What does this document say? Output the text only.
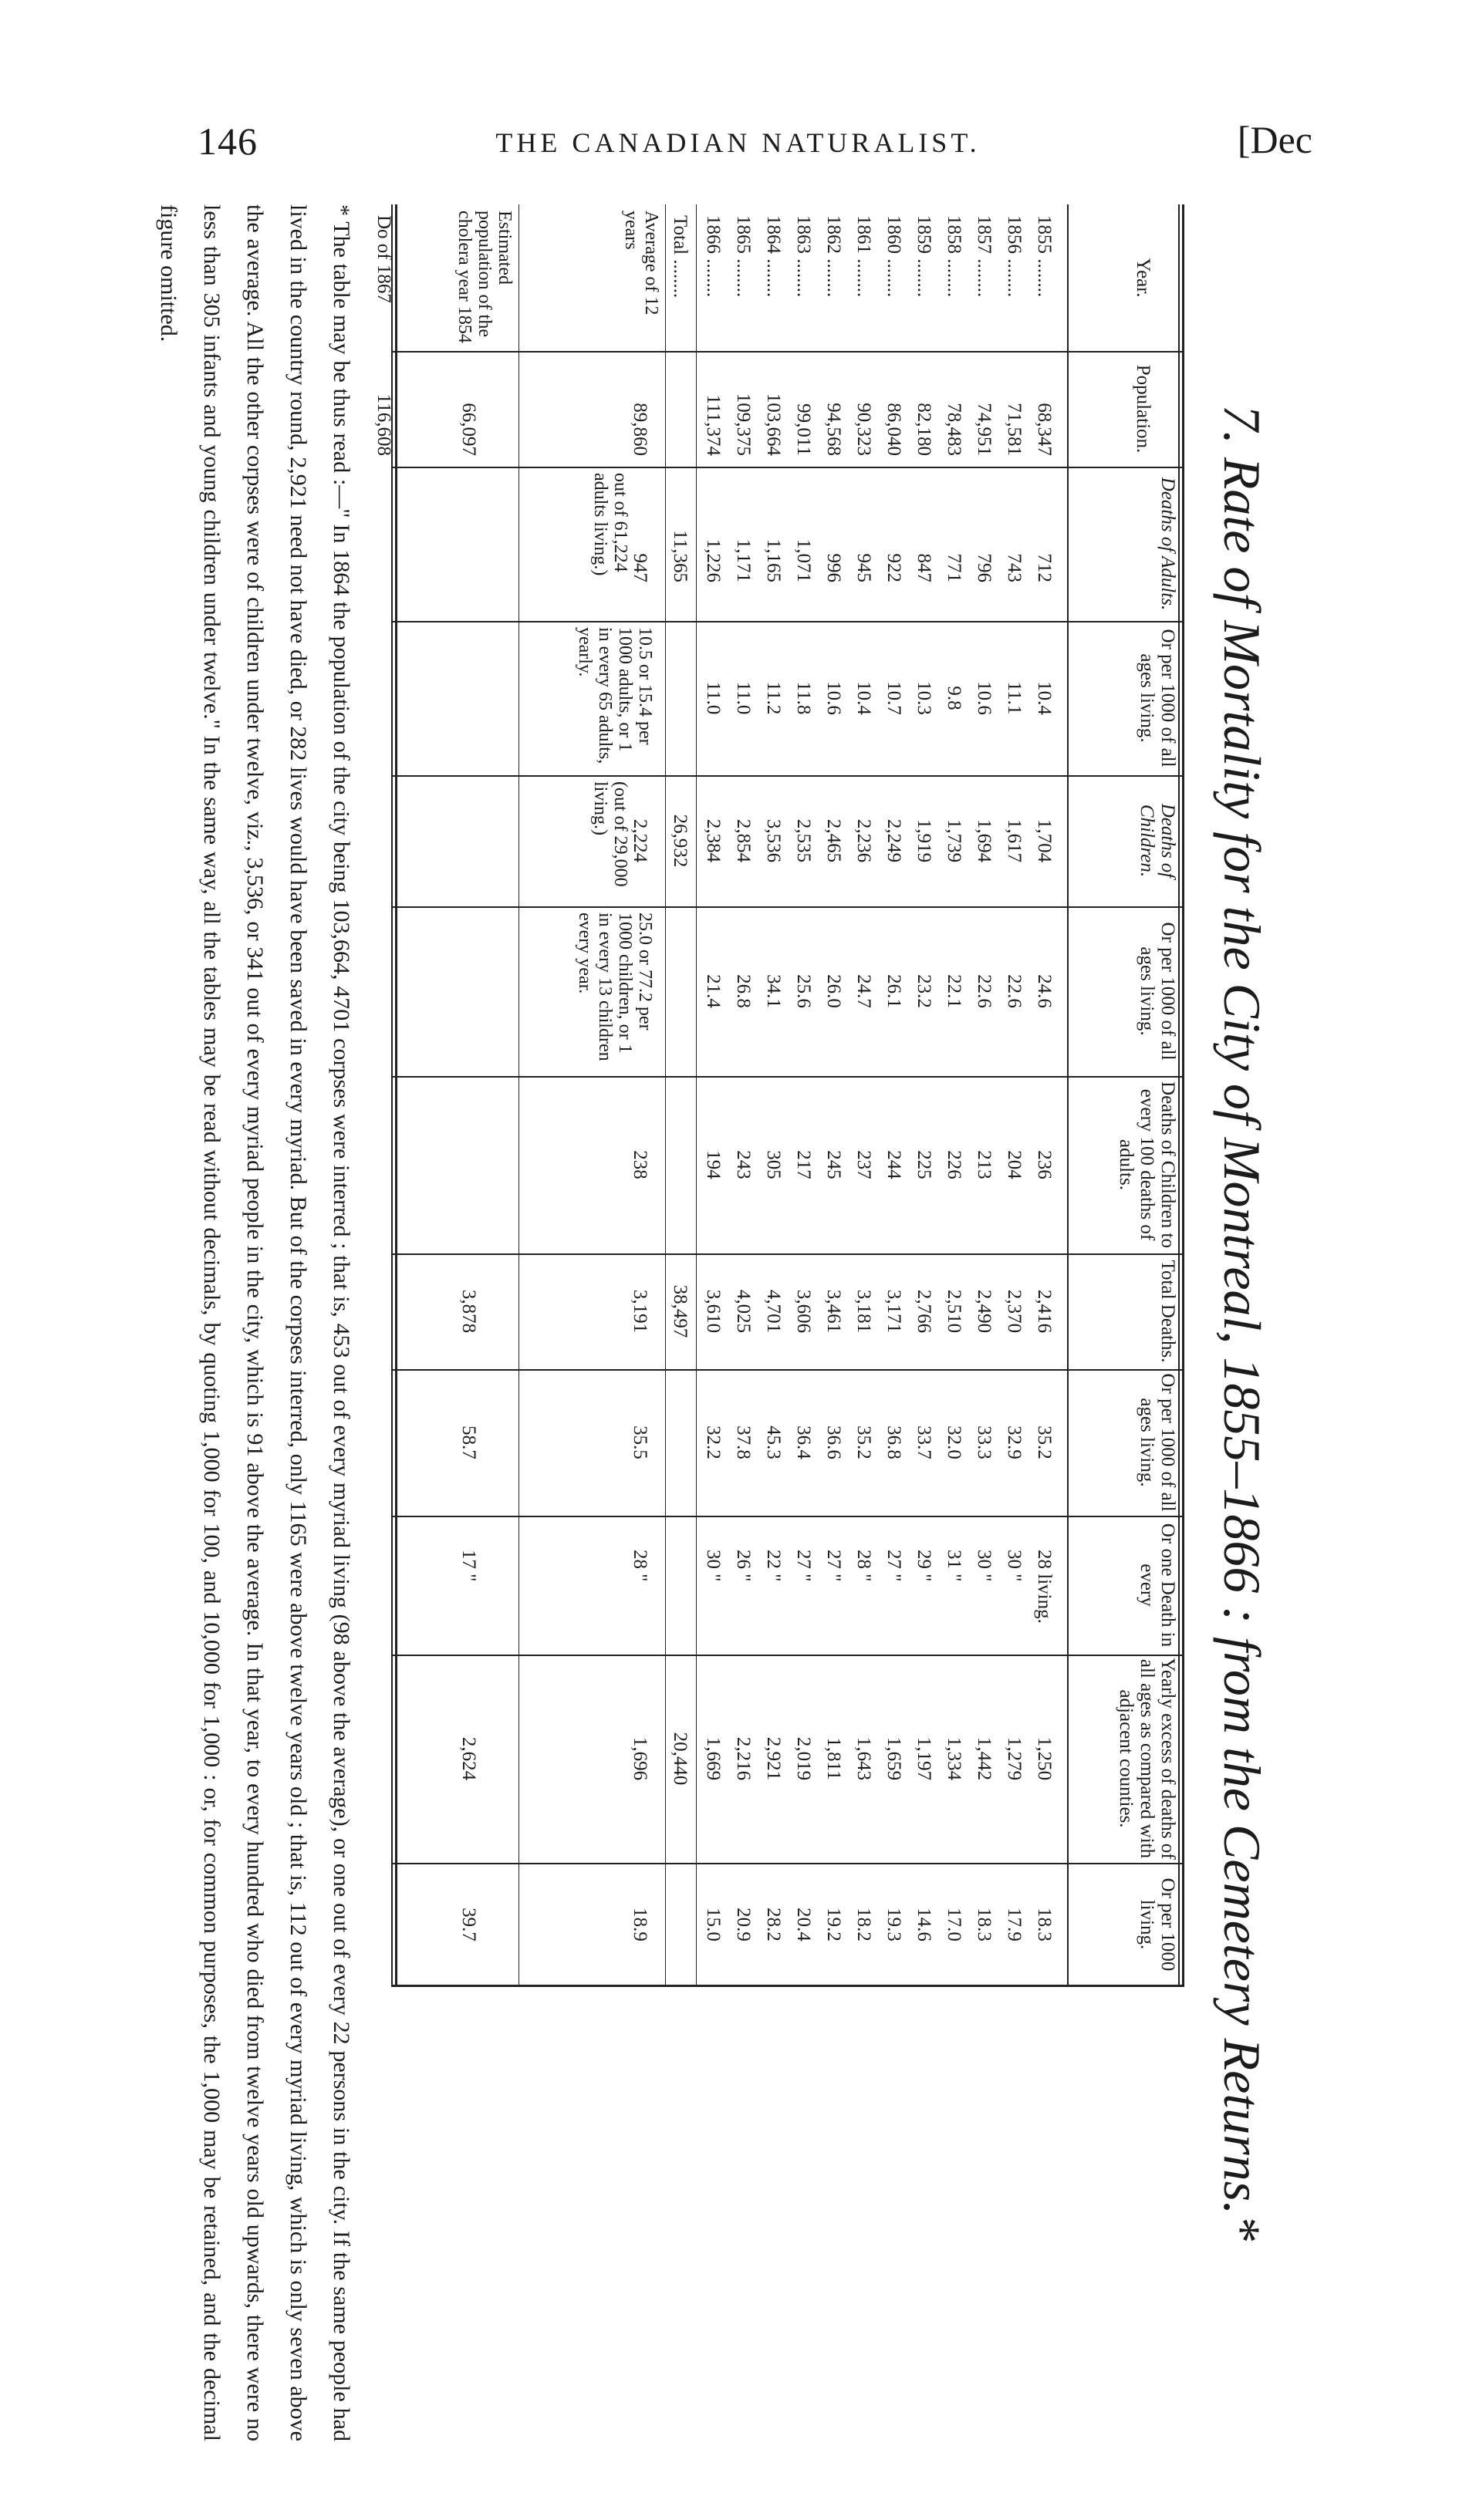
146	THE CANADIAN NATURALIST.	[Dec
7. Rate of Mortality for the City of Montreal, 1855–1866 : from the Cemetery Returns.*
Year.
Population.
Deaths of Adults.
Or per 1000 of all ages living.
Deaths of Children.
Or per 1000 of all ages living.
Deaths of Children to every 100 deaths of adults.
Total Deaths.
Or per 1000 of all ages living.
Or one Death in every
Yearly excess of deaths of all ages as compared with adjacent counties.
Or per 1000 living.
1855 ........
68,347
712
10.4
1,704
24.6
236
2,416
35.2
28 living.
1,250
18.3
1856 ........
71,581
743
11.1
1,617
22.6
204
2,370
32.9
30 "
1,279
17.9
1857 ........
74,951
796
10.6
1,694
22.6
213
2,490
33.3
30 "
1,442
18.3
1858 ........
78,483
771
9.8
1,739
22.1
226
2,510
32.0
31 "
1,334
17.0
1859 ........
82,180
847
10.3
1,919
23.2
225
2,766
33.7
29 "
1,197
14.6
1860 ........
86,040
922
10.7
2,249
26.1
244
3,171
36.8
27 "
1,659
19.3
1861 ........
90,323
945
10.4
2,236
24.7
237
3,181
35.2
28 "
1,643
18.2
1862 ........
94,568
996
10.6
2,465
26.0
245
3,461
36.6
27 "
1,811
19.2
1863 ........
99,011
1,071
11.8
2,535
25.6
217
3,606
36.4
27 "
2,019
20.4
1864 ........
103,664
1,165
11.2
3,536
34.1
305
4,701
45.3
22 "
2,921
28.2
1865 ........
109,375
1,171
11.0
2,854
26.8
243
4,025
37.8
26 "
2,216
20.9
1866 ........
111,374
1,226
11.0
2,384
21.4
194
3,610
32.2
30 "
1,669
15.0
Total ........
11,365
26,932
38,497
20,440
Average of 12 years
89,860
947
out of 61,224 adults living.)
10.5 or 15.4 per 1000 adults, or 1 in every 65 adults, yearly.
2,224
(out of 29,000 living.)
25.0 or 77.2 per 1000 children, or 1 in every 13 children every year.
238
3,191
35.5
28 "
1,696
18.9
Estimated population of the cholera year 1854
66,097
3,878
58.7
17 "
2,624
39.7
Do of 1867
116,608
* The table may be thus read :—" In 1864 the population of the city being 103,664, 4701 corpses were interred ; that is, 453 out of every myriad living (98 above the average), or one out of every 22 persons in the city. If the same people had lived in the country round, 2,921 need not have died, or 282 lives would have been saved in every myriad. But of the corpses interred, only 1165 were above twelve years old ; that is, 112 out of every myriad living, which is only seven above the average. All the other corpses were of children under twelve, viz., 3,536, or 341 out of every myriad people in the city, which is 91 above the average. In that year, to every hundred who died from twelve years old upwards, there were no less than 305 infants and young children under twelve." In the same way, all the tables may be read without decimals, by quoting 1,000 for 100, and 10,000 for 1,000 : or, for common purposes, the 1,000 may be retained, and the decimal figure omitted.
